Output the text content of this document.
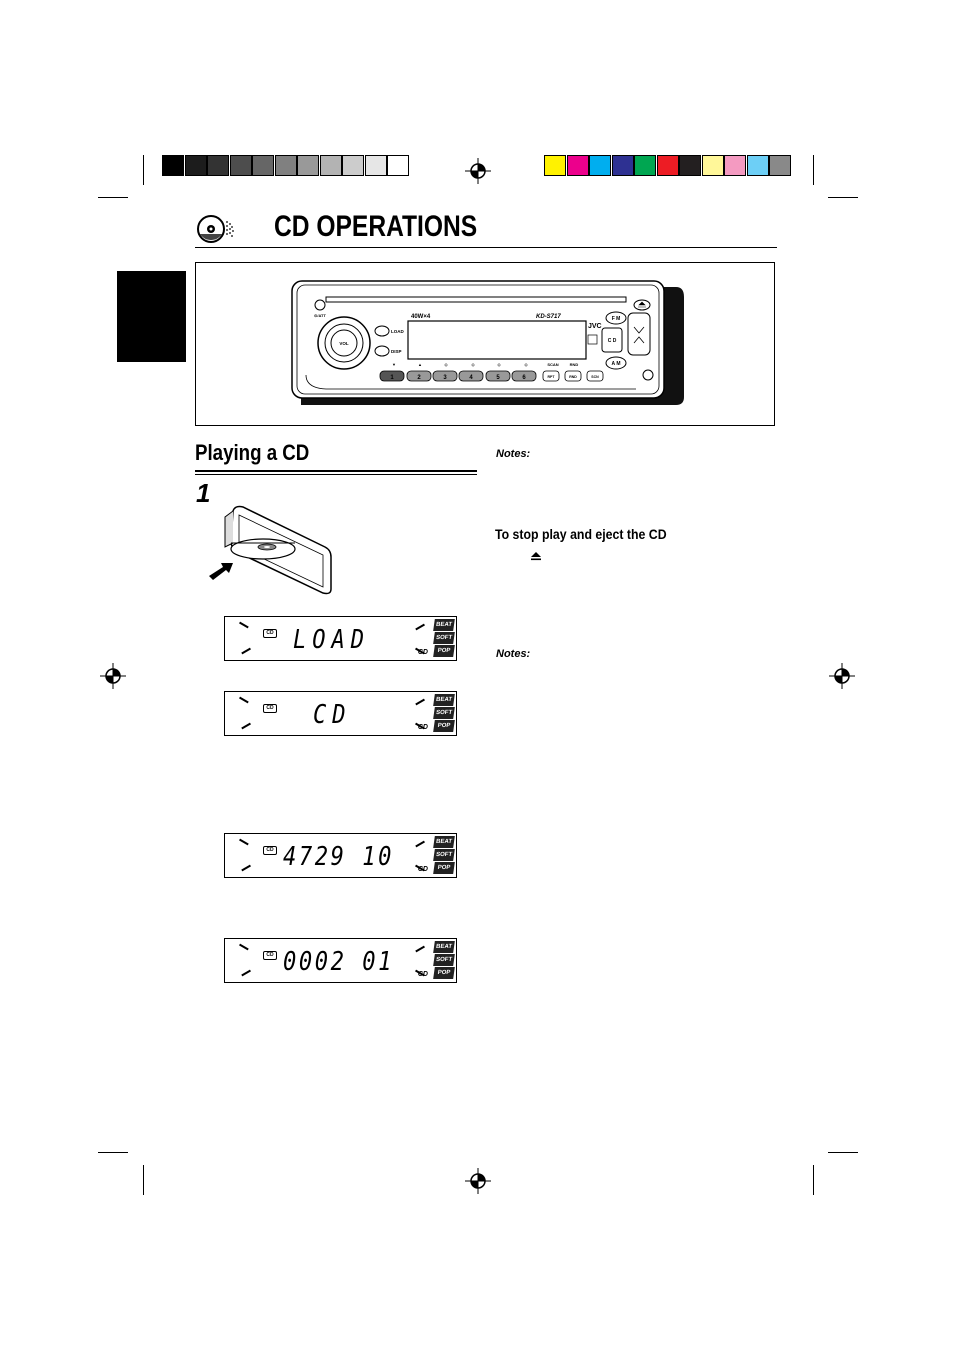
CD OPERATIONS
VOL
LOAD
DISP
⊙/ATT	40W×4	KD-S717
JVC
F M
C D
A M
▼	▲	◇	◇	◇	◇	SCAN	RND
1	2	3	4	5	6	RPT	RND	SCN
Playing a CD
1
CD LOAD	CD
BEAT
SOFT
POP
CD CD	CD
BEAT
SOFT
POP
CD 4729 10	CD
BEAT
SOFT
POP
CD 0002 01	CD
BEAT
SOFT
POP
Notes:
To stop play and eject the CD
Notes:
